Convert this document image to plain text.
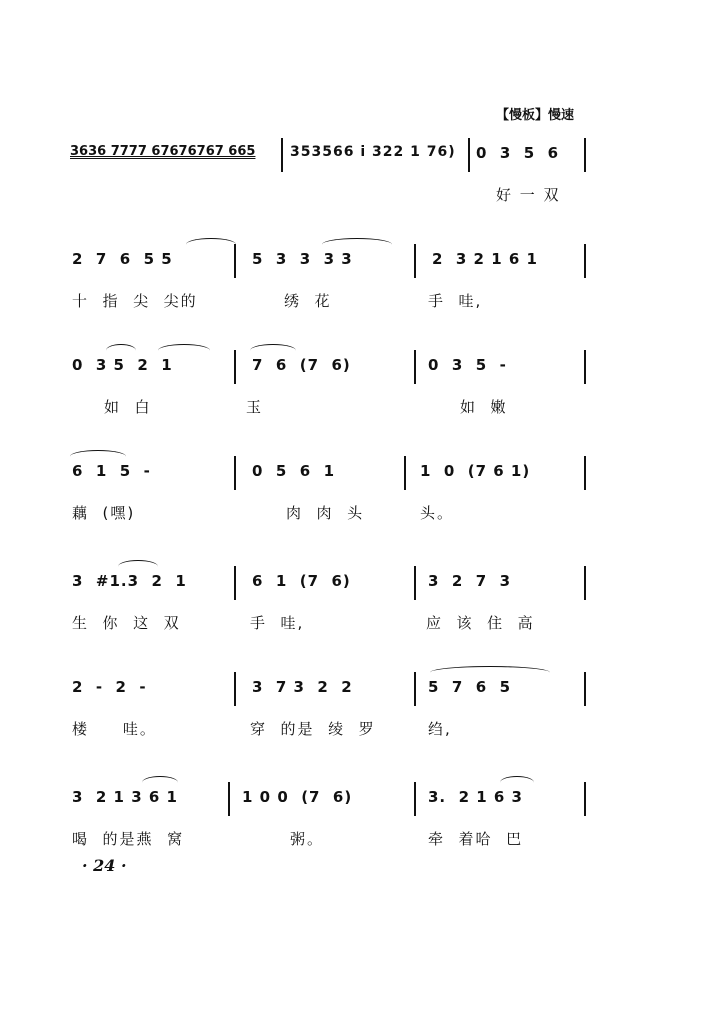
【慢板】慢速
3636 7777 67676767 665 353566 i 322 1 76) 0  3  5  6
好 一 双
2  7  6  5 5	5  3  3  3 3	2  3 2 1 6 1
十  指  尖  尖的	绣  花	手  哇,
0  3 5  2  1	7  6  (7  6)	0  3  5  -
如  白	玉	如  嫩
6  1  5  -	0  5  6  1	1  0  (7 6 1)
藕  (嘿)	肉  肉  头	头。
3  #1.3  2  1	6  1  (7  6)	3  2  7  3
生  你  这  双	手  哇,	应  该  住  高
2  -  2  -	3  7 3  2  2	5  7  6  5
楼     哇。	穿  的是  绫  罗	绉,
3  2 1 3 6 1	1 0 0  (7  6)	3.  2 1 6 3
喝  的是燕  窝	粥。	牵  着哈  巴
· 24 ·
